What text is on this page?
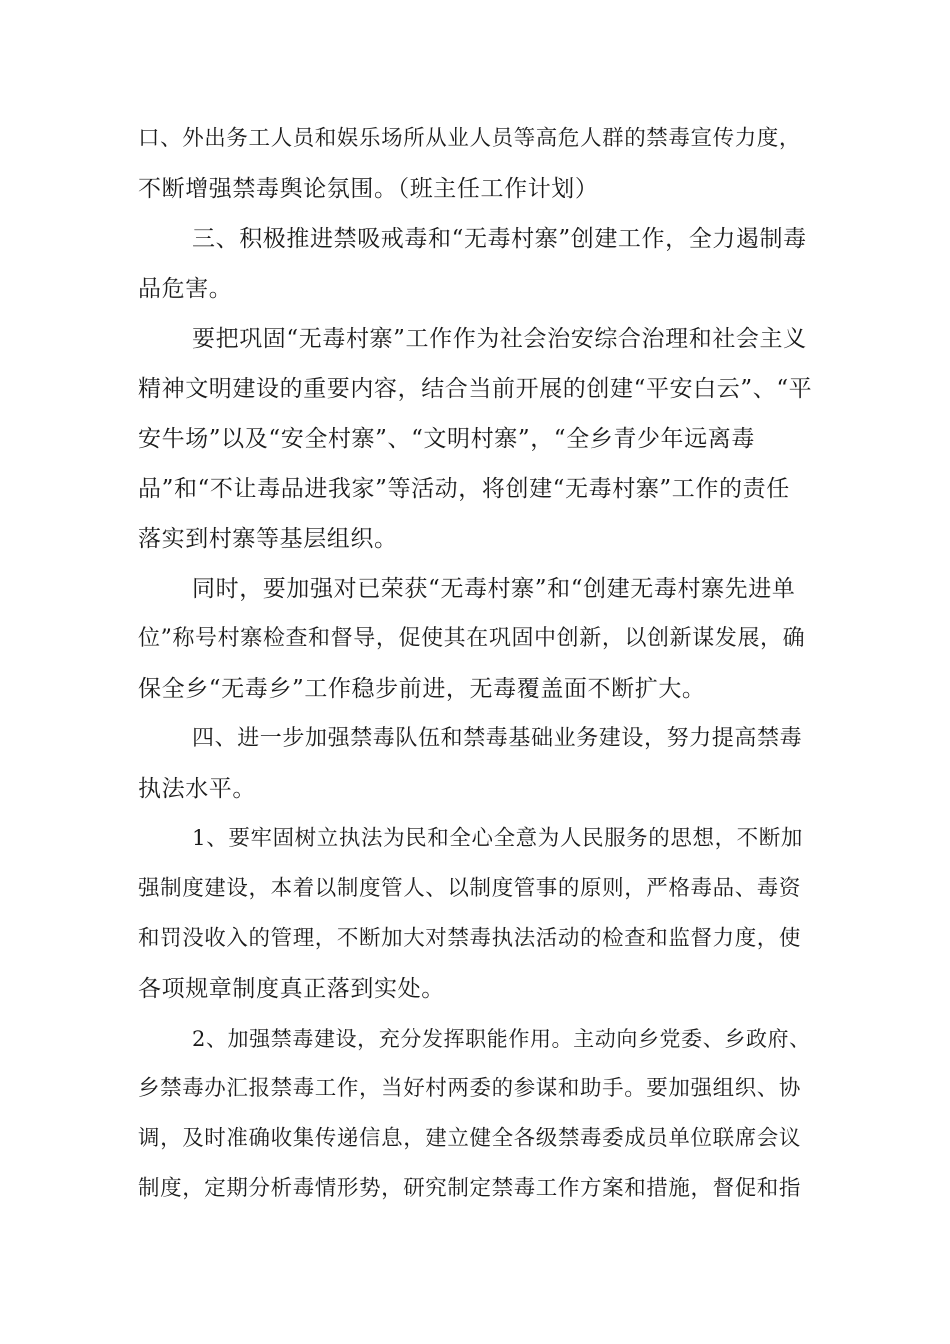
口、外出务工人员和娱乐场所从业人员等高危人群的禁毒宣传力度，
不断增强禁毒舆论氛围。（班主任工作计划）
三、积极推进禁吸戒毒和“无毒村寨”创建工作，全力遏制毒
品危害。
要把巩固“无毒村寨”工作作为社会治安综合治理和社会主义
精神文明建设的重要内容，结合当前开展的创建“平安白云”、“平
安牛场”以及“安全村寨”、“文明村寨”，“全乡青少年远离毒
品”和“不让毒品进我家”等活动，将创建“无毒村寨”工作的责任
落实到村寨等基层组织。
同时，要加强对已荣获“无毒村寨”和“创建无毒村寨先进单
位”称号村寨检查和督导，促使其在巩固中创新，以创新谋发展，确
保全乡“无毒乡”工作稳步前进，无毒覆盖面不断扩大。
四、进一步加强禁毒队伍和禁毒基础业务建设，努力提高禁毒
执法水平。
1、要牢固树立执法为民和全心全意为人民服务的思想，不断加
强制度建设，本着以制度管人、以制度管事的原则，严格毒品、毒资
和罚没收入的管理，不断加大对禁毒执法活动的检查和监督力度，使
各项规章制度真正落到实处。
2、加强禁毒建设，充分发挥职能作用。主动向乡党委、乡政府、
乡禁毒办汇报禁毒工作，当好村两委的参谋和助手。要加强组织、协
调，及时准确收集传递信息，建立健全各级禁毒委成员单位联席会议
制度，定期分析毒情形势，研究制定禁毒工作方案和措施，督促和指
